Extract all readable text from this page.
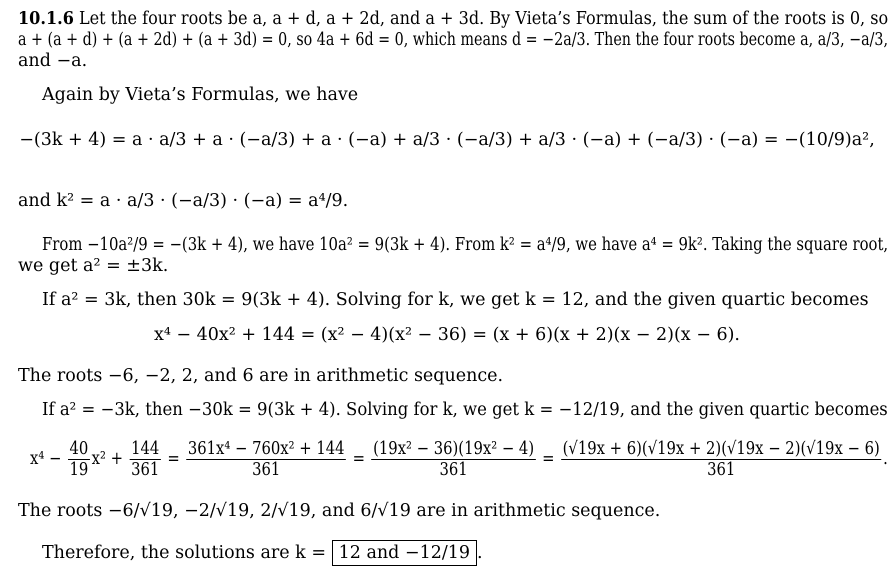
10.1.6 Let the four roots be a, a + d, a + 2d, and a + 3d. By Vieta’s Formulas, the sum of the roots is 0, so
a + (a + d) + (a + 2d) + (a + 3d) = 0, so 4a + 6d = 0, which means d = −2a/3. Then the four roots become a, a/3, −a/3,
and −a.
Again by Vieta’s Formulas, we have
−(3k + 4) = a · a/3 + a · (−a/3) + a · (−a) + a/3 · (−a/3) + a/3 · (−a) + (−a/3) · (−a) = −(10/9)a²,
and k² = a · a/3 · (−a/3) · (−a) = a⁴/9.
From −10a²/9 = −(3k + 4), we have 10a² = 9(3k + 4). From k² = a⁴/9, we have a⁴ = 9k². Taking the square root,
we get a² = ±3k.
If a² = 3k, then 30k = 9(3k + 4). Solving for k, we get k = 12, and the given quartic becomes
x⁴ − 40x² + 144 = (x² − 4)(x² − 36) = (x + 6)(x + 2)(x − 2)(x − 6).
The roots −6, −2, 2, and 6 are in arithmetic sequence.
If a² = −3k, then −30k = 9(3k + 4). Solving for k, we get k = −12/19, and the given quartic becomes
$x^4 - \frac{40}{19} x^2 + \frac{144}{361} = \frac{\text{361x⁴ − 760x² + 144}}{361} = \frac{\text{(19x² − 36)(19x² − 4)}}{361} = \frac{(√19x + 6)(√19x + 2)(√19x - 2)(√19x - 6)}{361}$ .
The roots −6/√19, −2/√19, 2/√19, and 6/√19 are in arithmetic sequence.
Therefore, the solutions are k = 12 and −12/19 .
